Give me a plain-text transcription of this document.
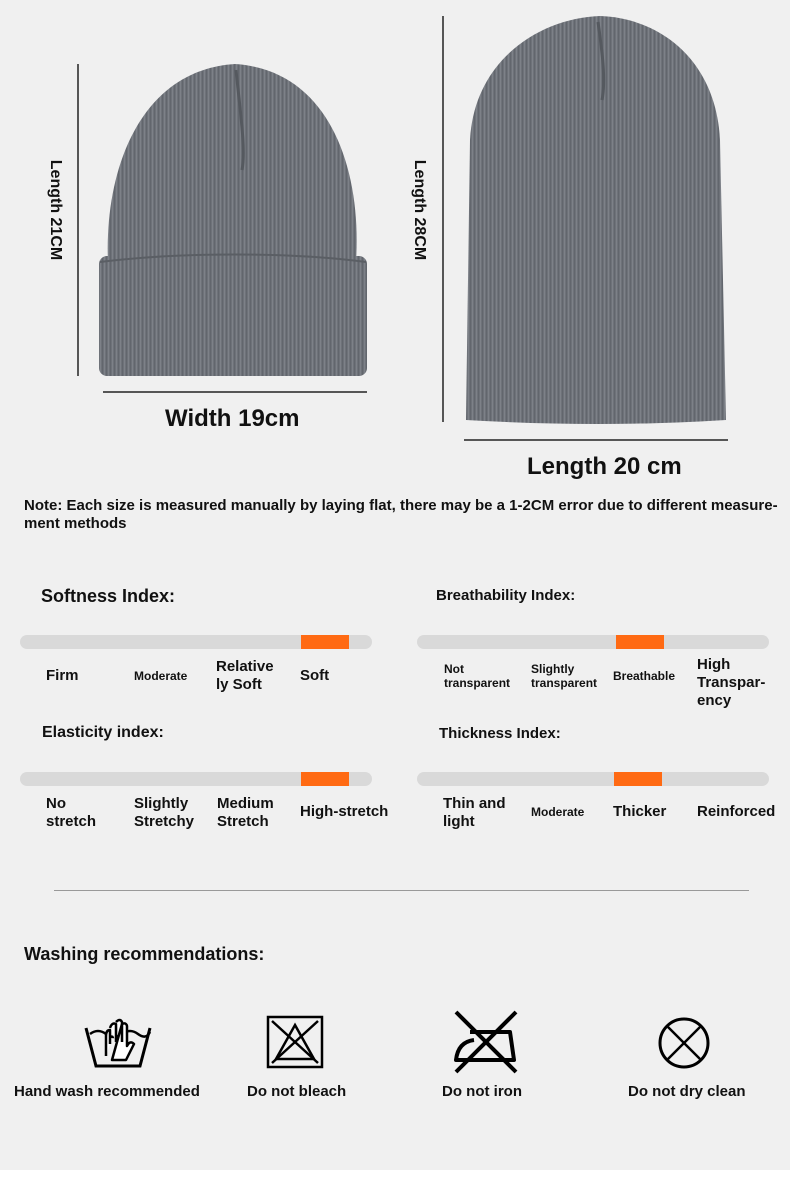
Length 21CM
Width 19cm
Length 28CM
Length 20 cm
Note: Each size is measured manually by laying flat, there may be a 1-2CM error due to different measure-ment methods
Softness Index:
Firm	Moderate
Relative ly Soft
Soft
Breathability Index:
Not transparent
Slightly transparent Breathable
High Transpar-ency
Elasticity index:
No stretch
Slightly Stretchy
Medium Stretch
High-stretch
Thickness Index:
Thin and light
Moderate	Thicker	Reinforced
Washing recommendations:
Hand wash recommended	Do not bleach	Do not iron	Do not dry clean
